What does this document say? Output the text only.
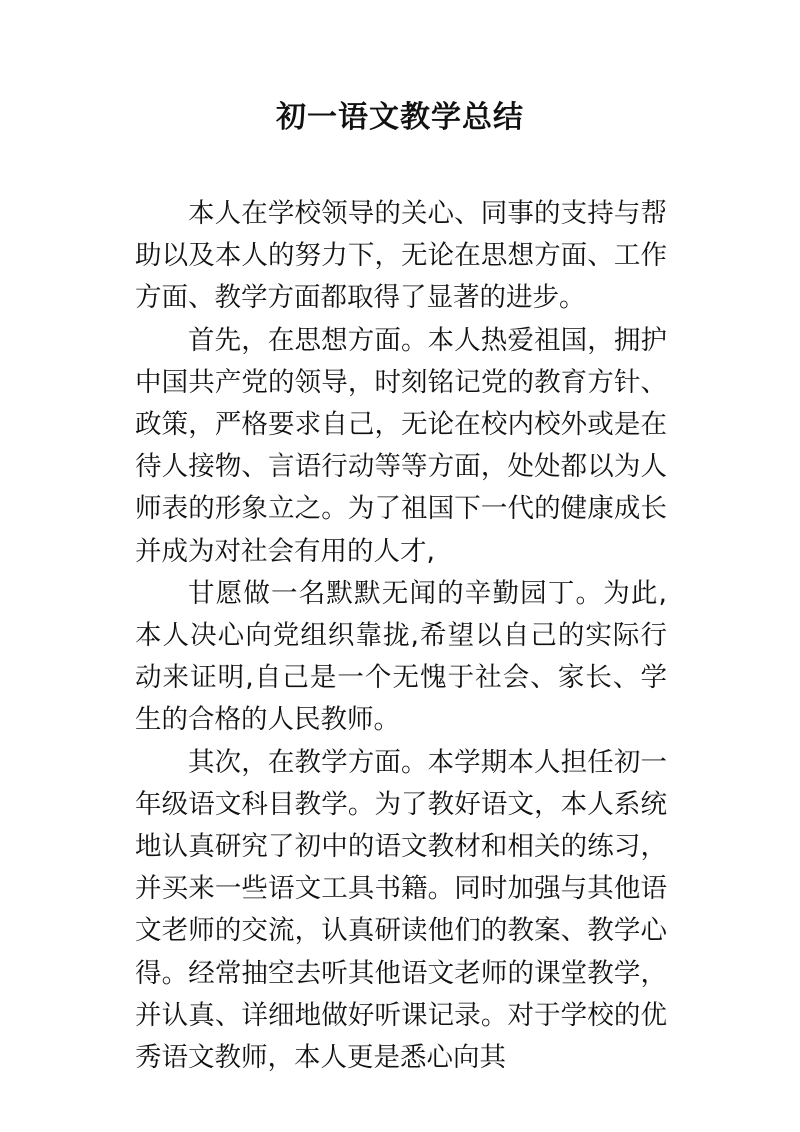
初一语文教学总结

本人在学校领导的关心、同事的支持与帮助以及本人的努力下，无论在思想方面、工作方面、教学方面都取得了显著的进步。

首先，在思想方面。本人热爱祖国，拥护中国共产党的领导，时刻铭记党的教育方针、政策，严格要求自己，无论在校内校外或是在待人接物、言语行动等等方面，处处都以为人师表的形象立之。为了祖国下一代的健康成长并成为对社会有用的人才,

甘愿做一名默默无闻的辛勤园丁。为此,本人决心向党组织靠拢,希望以自己的实际行动来证明,自己是一个无愧于社会、家长、学生的合格的人民教师。

其次，在教学方面。本学期本人担任初一年级语文科目教学。为了教好语文，本人系统地认真研究了初中的语文教材和相关的练习，并买来一些语文工具书籍。同时加强与其他语文老师的交流，认真研读他们的教案、教学心得。经常抽空去听其他语文老师的课堂教学，并认真、详细地做好听课记录。对于学校的优秀语文教师，本人更是悉心向其
